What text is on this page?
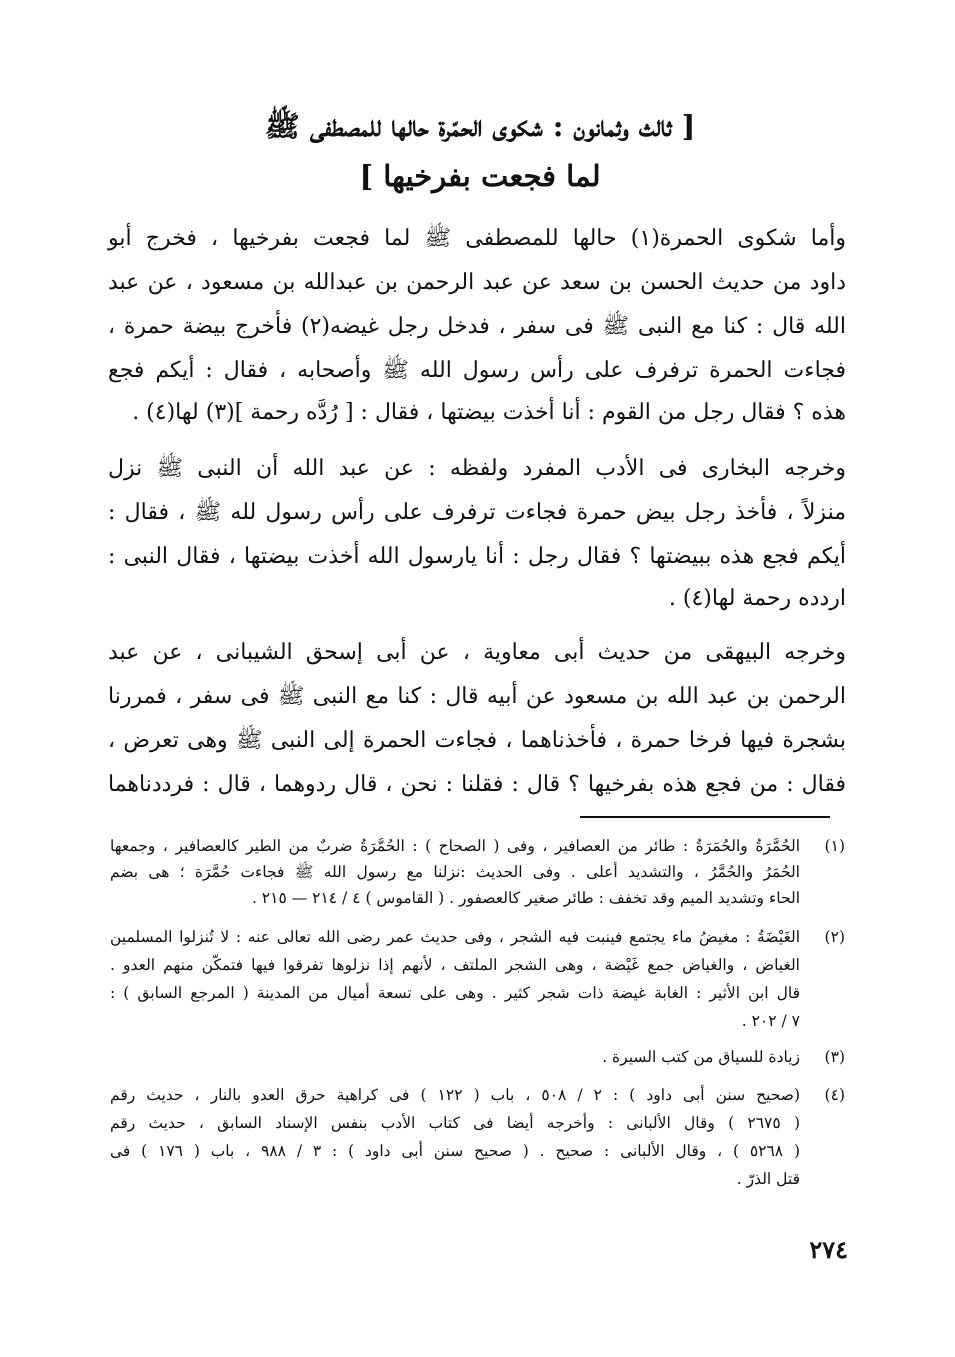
[ ثالث وثمانون : شكوى الحمّرة حالها للمصطفى ﷺ
لما فجعت بفرخيها ]
وأما شكوى الحمرة(١) حالها للمصطفى ﷺ لما فجعت بفرخيها ، فخرج أبو
داود من حديث الحسن بن سعد عن عبد الرحمن بن عبدالله بن مسعود ، عن عبد
الله قال : كنا مع النبى ﷺ فى سفر ، فدخل رجل غيضه(٢) فأخرج بيضة حمرة ،
فجاءت الحمرة ترفرف على رأس رسول الله ﷺ وأصحابه ، فقال : أيكم فجع
هذه ؟ فقال رجل من القوم : أنا أخذت بيضتها ، فقال : [ رُدَّه رحمة ](٣) لها(٤) .
وخرجه البخارى فى الأدب المفرد ولفظه : عن عبد الله أن النبى ﷺ نزل
منزلاً ، فأخذ رجل بيض حمرة فجاءت ترفرف على رأس رسول لله ﷺ ، فقال :
أيكم فجع هذه ببيضتها ؟ فقال رجل : أنا يارسول الله أخذت بيضتها ، فقال النبى :
اردده رحمة لها(٤) .
وخرجه البيهقى من حديث أبى معاوية ، عن أبى إسحق الشيبانى ، عن عبد
الرحمن بن عبد الله بن مسعود عن أبيه قال : كنا مع النبى ﷺ فى سفر ، فمررنا
بشجرة فيها فرخا حمرة ، فأخذناهما ، فجاءت الحمرة إلى النبى ﷺ وهى تعرض ،
فقال : من فجع هذه بفرخيها ؟ قال : فقلنا : نحن ، قال ردوهما ، قال : فرددناهما
(١)
الحُمَّرَةُ والحُمَرَةُ : طائر من العصافير ، وفى ( الصحاح ) : الحُمَّرَةُ ضربٌ من الطير كالعصافير ، وجمعها
الحُمَرُ والحُمَّرُ ، والتشديد أعلى . وفى الحديث :نزلنا مع رسول الله ﷺ فجاءت حُمَّرَة ؛ هى بضم
الحاء وتشديد الميم وقد تخفف : طائر صغير كالعصفور . ( القاموس ) ٤ / ٢١٤ — ٢١٥ .
(٢)
الغَيْضَةُ : مغيضُ ماء يجتمع فينبت فيه الشجر ، وفى حديث عمر رضى الله تعالى عنه : لا تُنزلوا المسلمين
الغياض ، والغياض جمع غَيْضة ، وهى الشجر الملتف ، لأنهم إذا نزلوها تفرقوا فيها فتمكّن منهم العدو .
قال ابن الأثير : الغابة غيضة ذات شجر كثير . وهى على تسعة أميال من المدينة ( المرجع السابق ) :
٧ / ٢٠٢ .
(٣)
زيادة للسياق من كتب السيرة .
(٤)
(صحيح سنن أبى داود ) : ٢ / ٥٠٨ ، باب ( ١٢٢ ) فى كراهية حرق العدو بالنار ، حديث رقم
( ٢٦٧٥ ) وقال الألبانى : وأخرجه أيضا فى كتاب الأدب بنفس الإسناد السابق ، حديث رقم
( ٥٢٦٨ ) ، وقال الألبانى : صحيح . ( صحيح سنن أبى داود ) : ٣ / ٩٨٨ ، باب ( ١٧٦ ) فى
قتل الذرّ .
٢٧٤
